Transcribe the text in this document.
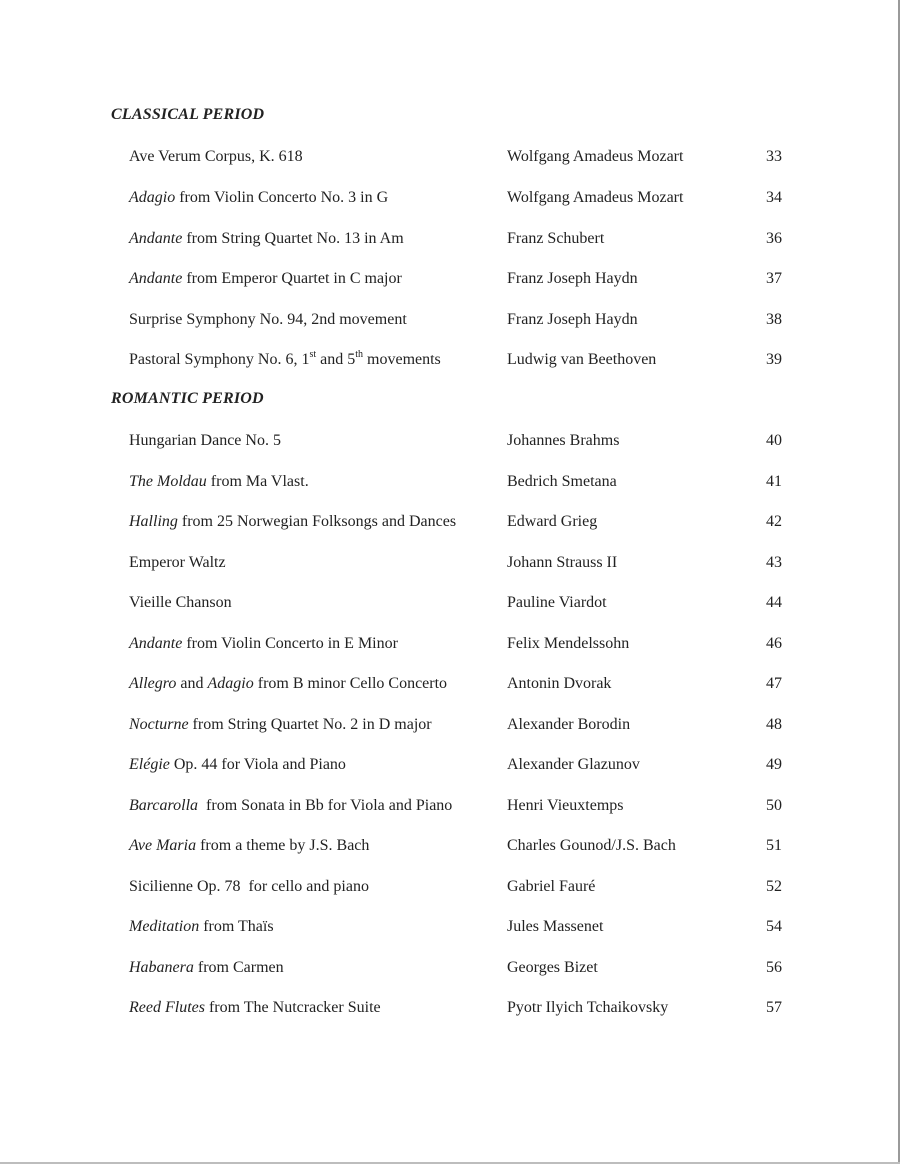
CLASSICAL PERIOD
Ave Verum Corpus, K. 618	Wolfgang Amadeus Mozart	33
Adagio from Violin Concerto No. 3 in G	Wolfgang Amadeus Mozart	34
Andante from String Quartet No. 13 in Am	Franz Schubert	36
Andante from Emperor Quartet in C major	Franz Joseph Haydn	37
Surprise Symphony No. 94, 2nd movement	Franz Joseph Haydn	38
Pastoral Symphony No. 6, 1st and 5th movements	Ludwig van Beethoven	39
ROMANTIC PERIOD
Hungarian Dance No. 5	Johannes Brahms	40
The Moldau from Ma Vlast.	Bedrich Smetana	41
Halling from 25 Norwegian Folksongs and Dances	Edward Grieg	42
Emperor Waltz	Johann Strauss II	43
Vieille Chanson	Pauline Viardot	44
Andante from Violin Concerto in E Minor	Felix Mendelssohn	46
Allegro and Adagio from B minor Cello Concerto	Antonin Dvorak	47
Nocturne from String Quartet No. 2 in D major	Alexander Borodin	48
Elégie Op. 44 for Viola and Piano	Alexander Glazunov	49
Barcarolla  from Sonata in Bb for Viola and Piano	Henri Vieuxtemps	50
Ave Maria from a theme by J.S. Bach	Charles Gounod/J.S. Bach	51
Sicilienne Op. 78  for cello and piano	Gabriel Fauré	52
Meditation from Thaïs	Jules Massenet	54
Habanera from Carmen	Georges Bizet	56
Reed Flutes from The Nutcracker Suite	Pyotr Ilyich Tchaikovsky	57
